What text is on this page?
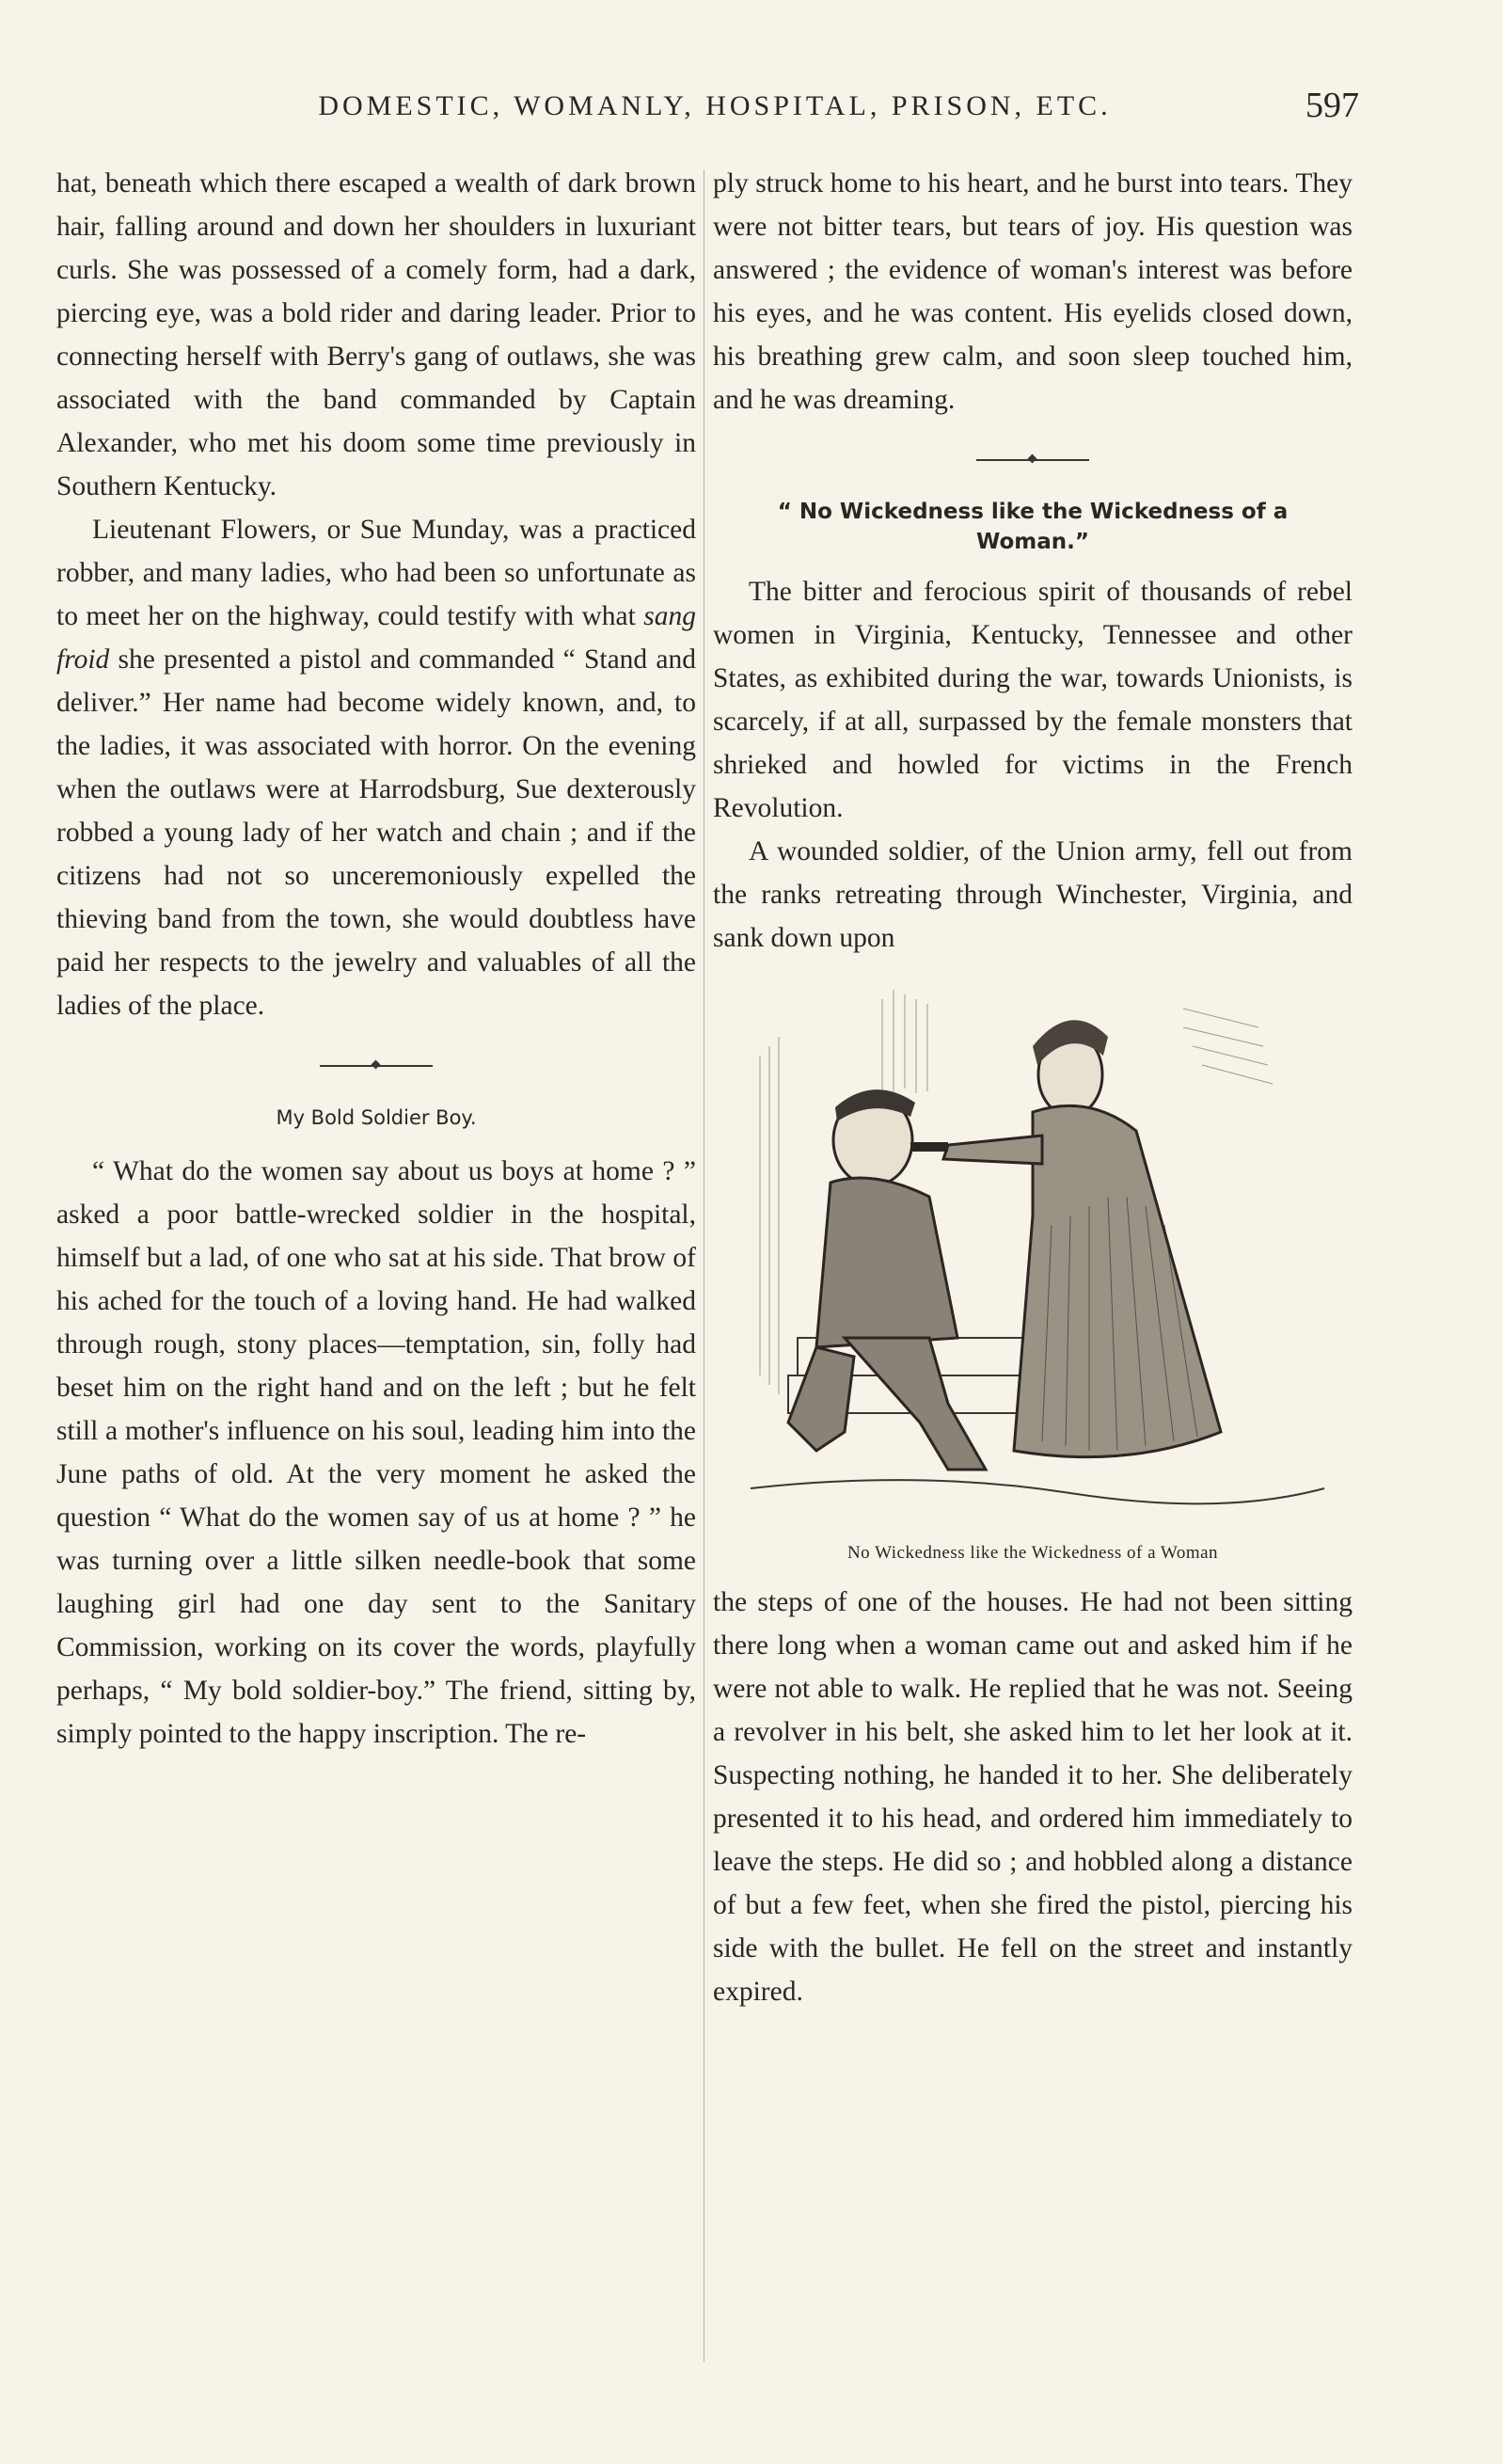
DOMESTIC, WOMANLY, HOSPITAL, PRISON, ETC.	597

hat, beneath which there escaped a wealth of dark brown hair, falling around and down her shoulders in luxuriant curls. She was possessed of a comely form, had a dark, piercing eye, was a bold rider and daring leader. Prior to connecting herself with Berry's gang of outlaws, she was associated with the band commanded by Captain Alexander, who met his doom some time previously in Southern Kentucky.

Lieutenant Flowers, or Sue Munday, was a practiced robber, and many ladies, who had been so unfortunate as to meet her on the highway, could testify with what sang froid she presented a pistol and commanded “ Stand and deliver.” Her name had become widely known, and, to the ladies, it was associated with horror. On the evening when the outlaws were at Harrodsburg, Sue dexterously robbed a young lady of her watch and chain ; and if the citizens had not so unceremoniously expelled the thieving band from the town, she would doubtless have paid her respects to the jewelry and valuables of all the ladies of the place.

My Bold Soldier Boy.

“ What do the women say about us boys at home ? ” asked a poor battle-wrecked soldier in the hospital, himself but a lad, of one who sat at his side. That brow of his ached for the touch of a loving hand. He had walked through rough, stony places—temptation, sin, folly had beset him on the right hand and on the left ; but he felt still a mother's influence on his soul, leading him into the June paths of old. At the very moment he asked the question “ What do the women say of us at home ? ” he was turning over a little silken needle-book that some laughing girl had one day sent to the Sanitary Commission, working on its cover the words, playfully perhaps, “ My bold soldier-boy.” The friend, sitting by, simply pointed to the happy inscription. The re-

ply struck home to his heart, and he burst into tears. They were not bitter tears, but tears of joy. His question was answered ; the evidence of woman's interest was before his eyes, and he was content. His eyelids closed down, his breathing grew calm, and soon sleep touched him, and he was dreaming.

“ No Wickedness like the Wickedness of a Woman.”

The bitter and ferocious spirit of thousands of rebel women in Virginia, Kentucky, Tennessee and other States, as exhibited during the war, towards Unionists, is scarcely, if at all, surpassed by the female monsters that shrieked and howled for victims in the French Revolution.

A wounded soldier, of the Union army, fell out from the ranks retreating through Winchester, Virginia, and sank down upon

No Wickedness like the Wickedness of a Woman

the steps of one of the houses. He had not been sitting there long when a woman came out and asked him if he were not able to walk. He replied that he was not. Seeing a revolver in his belt, she asked him to let her look at it. Suspecting nothing, he handed it to her. She deliberately presented it to his head, and ordered him immediately to leave the steps. He did so ; and hobbled along a distance of but a few feet, when she fired the pistol, piercing his side with the bullet. He fell on the street and instantly expired.
